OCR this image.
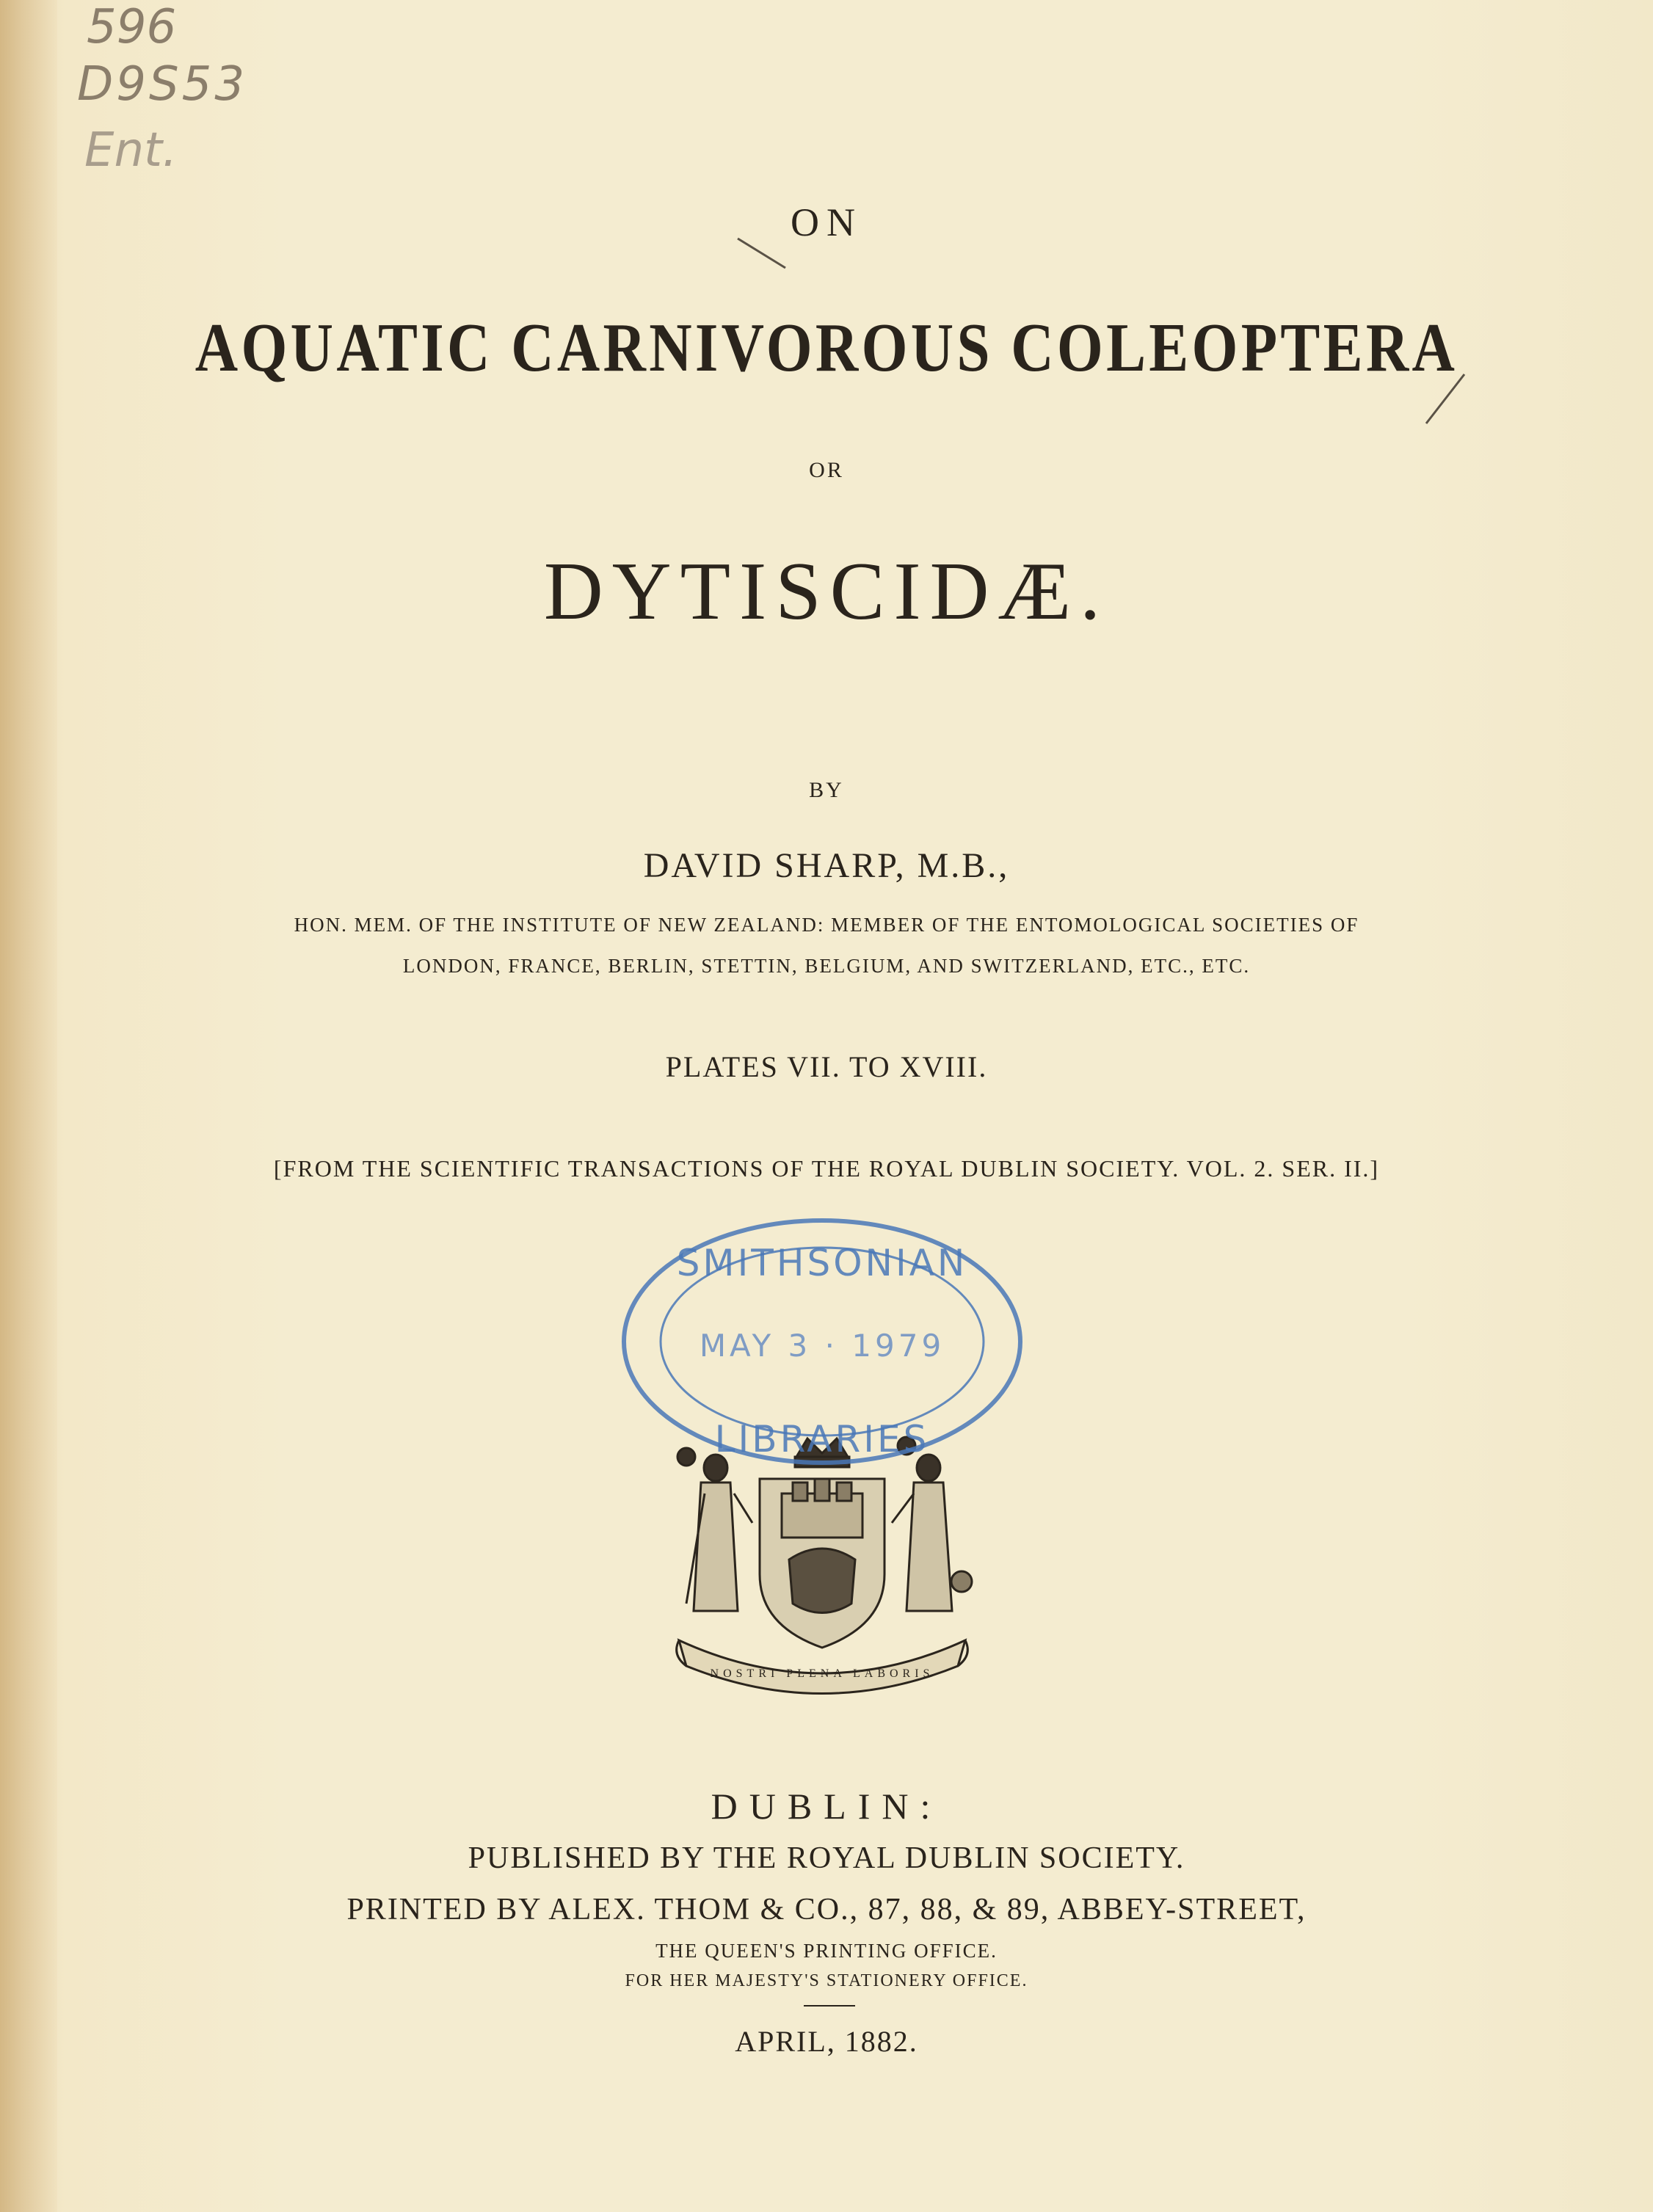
596
D9S53
Ent.
ON
AQUATIC CARNIVOROUS COLEOPTERA
OR
DYTISCIDÆ.
BY
DAVID SHARP, M.B.,
HON. MEM. OF THE INSTITUTE OF NEW ZEALAND: MEMBER OF THE ENTOMOLOGICAL SOCIETIES OF
LONDON, FRANCE, BERLIN, STETTIN, BELGIUM, AND SWITZERLAND, ETC., ETC.
PLATES VII. TO XVIII.
[FROM THE SCIENTIFIC TRANSACTIONS OF THE ROYAL DUBLIN SOCIETY. VOL. 2. SER. II.]
NOSTRI PLENA LABORIS
SMITHSONIAN
MAY 3 · 1979
LIBRARIES
DUBLIN:
PUBLISHED BY THE ROYAL DUBLIN SOCIETY.
PRINTED BY ALEX. THOM & CO., 87, 88, & 89, ABBEY-STREET,
THE QUEEN'S PRINTING OFFICE.
FOR HER MAJESTY'S STATIONERY OFFICE.
APRIL, 1882.
